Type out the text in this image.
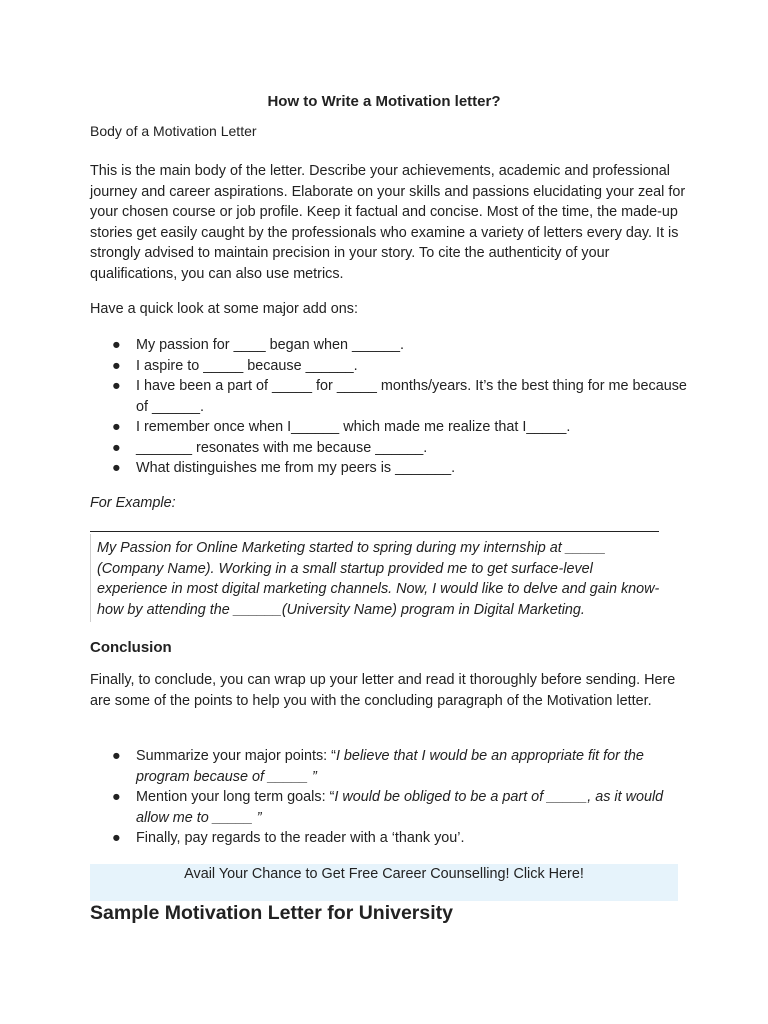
How to Write a Motivation letter?

Body of a Motivation Letter

This is the main body of the letter. Describe your achievements, academic and professional journey and career aspirations. Elaborate on your skills and passions elucidating your zeal for your chosen course or job profile. Keep it factual and concise. Most of the time, the made-up stories get easily caught by the professionals who examine a variety of letters every day. It is strongly advised to maintain precision in your story. To cite the authenticity of your qualifications, you can also use metrics.

Have a quick look at some major add ons:

● My passion for ____ began when ______.
● I aspire to _____ because ______.
● I have been a part of _____ for _____ months/years. It’s the best thing for me because of ______.
● I remember once when I______ which made me realize that I_____.
● _______ resonates with me because ______.
● What distinguishes me from my peers is _______.

For Example:

My Passion for Online Marketing started to spring during my internship at _____ (Company Name). Working in a small startup provided me to get surface-level experience in most digital marketing channels. Now, I would like to delve and gain know-how by attending the ______(University Name) program in Digital Marketing.

Conclusion

Finally, to conclude, you can wrap up your letter and read it thoroughly before sending. Here are some of the points to help you with the concluding paragraph of the Motivation letter.

● Summarize your major points: “I believe that I would be an appropriate fit for the program because of _____ ”
● Mention your long term goals: “I would be obliged to be a part of _____, as it would allow me to _____ ”
● Finally, pay regards to the reader with a ‘thank you’.
Avail Your Chance to Get Free Career Counselling! Click Here!
Sample Motivation Letter for University
